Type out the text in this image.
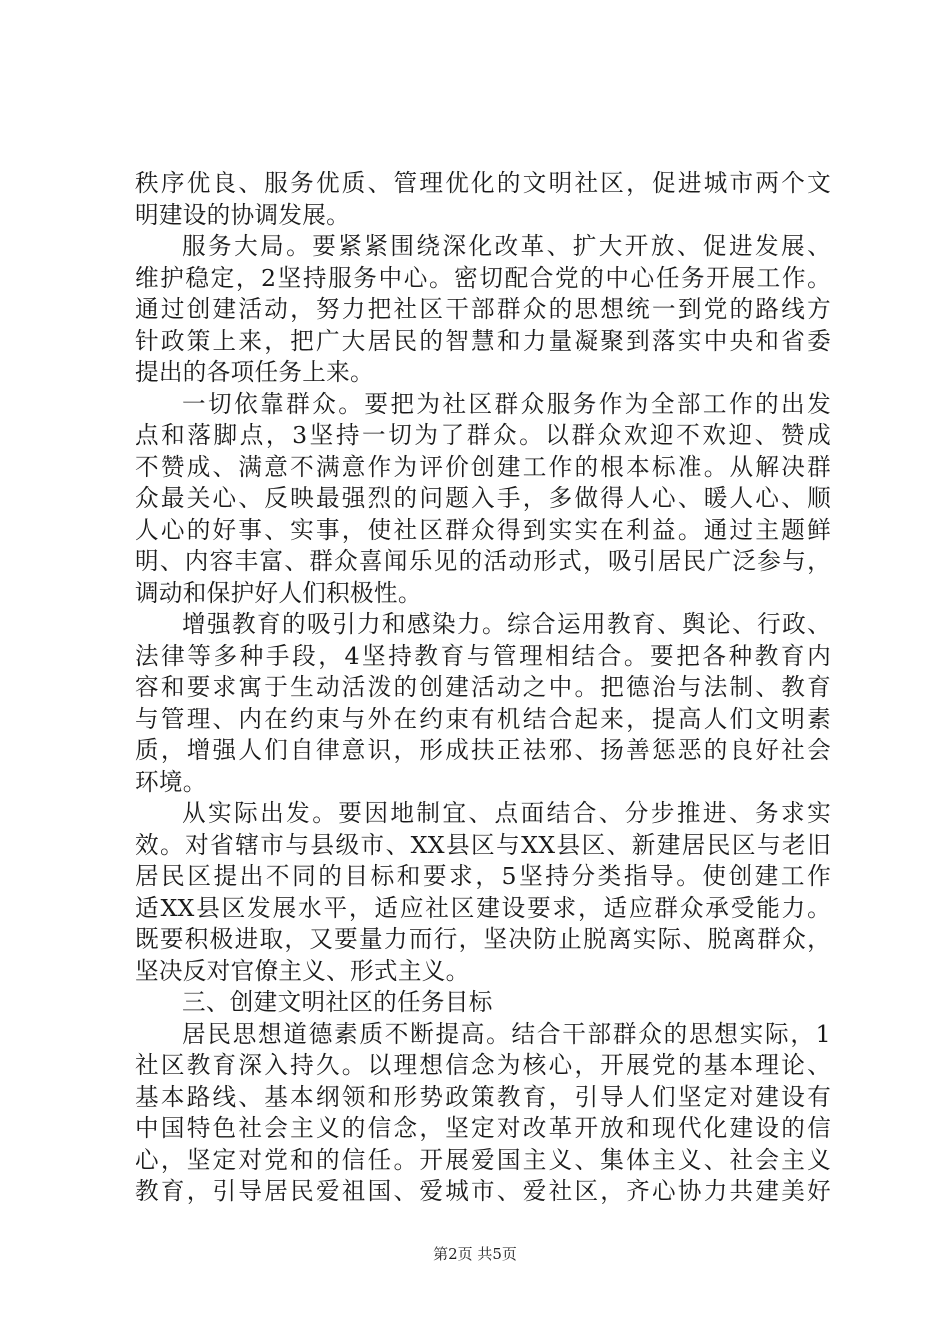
秩序优良、服务优质、管理优化的文明社区，促进城市两个文
明建设的协调发展。
服务大局。要紧紧围绕深化改革、扩大开放、促进发展、
维护稳定，2坚持服务中心。密切配合党的中心任务开展工作。
通过创建活动，努力把社区干部群众的思想统一到党的路线方
针政策上来，把广大居民的智慧和力量凝聚到落实中央和省委
提出的各项任务上来。
一切依靠群众。要把为社区群众服务作为全部工作的出发
点和落脚点，3坚持一切为了群众。以群众欢迎不欢迎、赞成
不赞成、满意不满意作为评价创建工作的根本标准。从解决群
众最关心、反映最强烈的问题入手，多做得人心、暖人心、顺
人心的好事、实事，使社区群众得到实实在利益。通过主题鲜
明、内容丰富、群众喜闻乐见的活动形式，吸引居民广泛参与，
调动和保护好人们积极性。
增强教育的吸引力和感染力。综合运用教育、舆论、行政、
法律等多种手段，4坚持教育与管理相结合。要把各种教育内
容和要求寓于生动活泼的创建活动之中。把德治与法制、教育
与管理、内在约束与外在约束有机结合起来，提高人们文明素
质，增强人们自律意识，形成扶正祛邪、扬善惩恶的良好社会
环境。
从实际出发。要因地制宜、点面结合、分步推进、务求实
效。对省辖市与县级市、XX县区与XX县区、新建居民区与老旧
居民区提出不同的目标和要求，5坚持分类指导。使创建工作
适XX县区发展水平，适应社区建设要求，适应群众承受能力。
既要积极进取，又要量力而行，坚决防止脱离实际、脱离群众，
坚决反对官僚主义、形式主义。
三、创建文明社区的任务目标
居民思想道德素质不断提高。结合干部群众的思想实际，1
社区教育深入持久。以理想信念为核心，开展党的基本理论、
基本路线、基本纲领和形势政策教育，引导人们坚定对建设有
中国特色社会主义的信念，坚定对改革开放和现代化建设的信
心，坚定对党和的信任。开展爱国主义、集体主义、社会主义
教育，引导居民爱祖国、爱城市、爱社区，齐心协力共建美好
第2页 共5页
